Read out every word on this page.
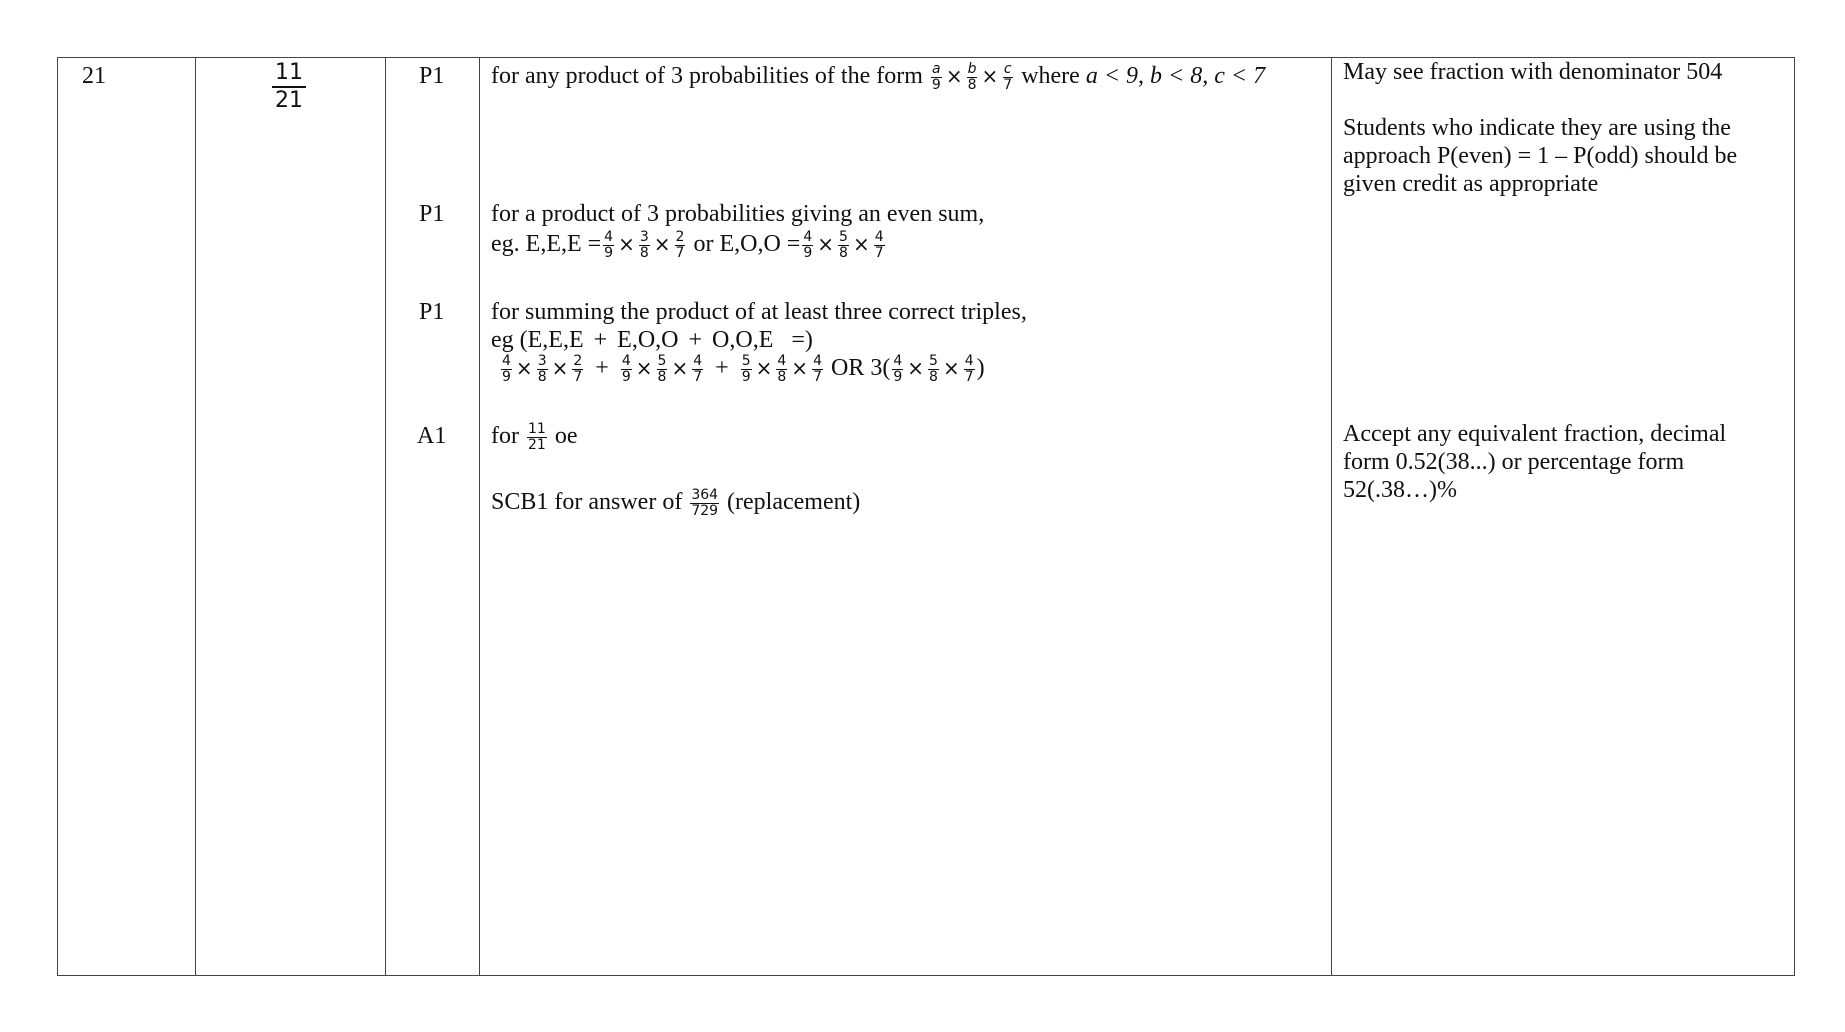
21	$\frac{11}{21}$	P1
P1
P1
A1
for any product of 3 probabilities of the form $\frac{a}{9} \times \frac{b}{8} \times \frac{c}{7}$ where a < 9, b < 8, c < 7
for a product of 3 probabilities giving an even sum,
eg. $E,E,E = \frac{4}{9} \times \frac{3}{8} \times \frac{2}{7}$ or $E,O,O = \frac{4}{9} \times \frac{5}{8} \times \frac{4}{7}$
for summing the product of at least three correct triples,
eg (E,E,E + E,O,O + O,O,E =)
$\frac{4}{9} \times \frac{3}{8} \times \frac{2}{7} + \frac{4}{9} \times \frac{5}{8} \times \frac{4}{7} + \frac{5}{9} \times \frac{4}{8} \times \frac{4}{7}$ OR $3( \frac{4}{9} \times \frac{5}{8} \times \frac{4}{7}$ )
for $\frac{11}{21}$ oe
SCB1 for answer of $\frac{364}{729}$ (replacement)
May see fraction with denominator 504
Students who indicate they are using the approach P(even) = 1 – P(odd) should be given credit as appropriate
Accept any equivalent fraction, decimal form 0.52(38...) or percentage form 52(.38…)%
